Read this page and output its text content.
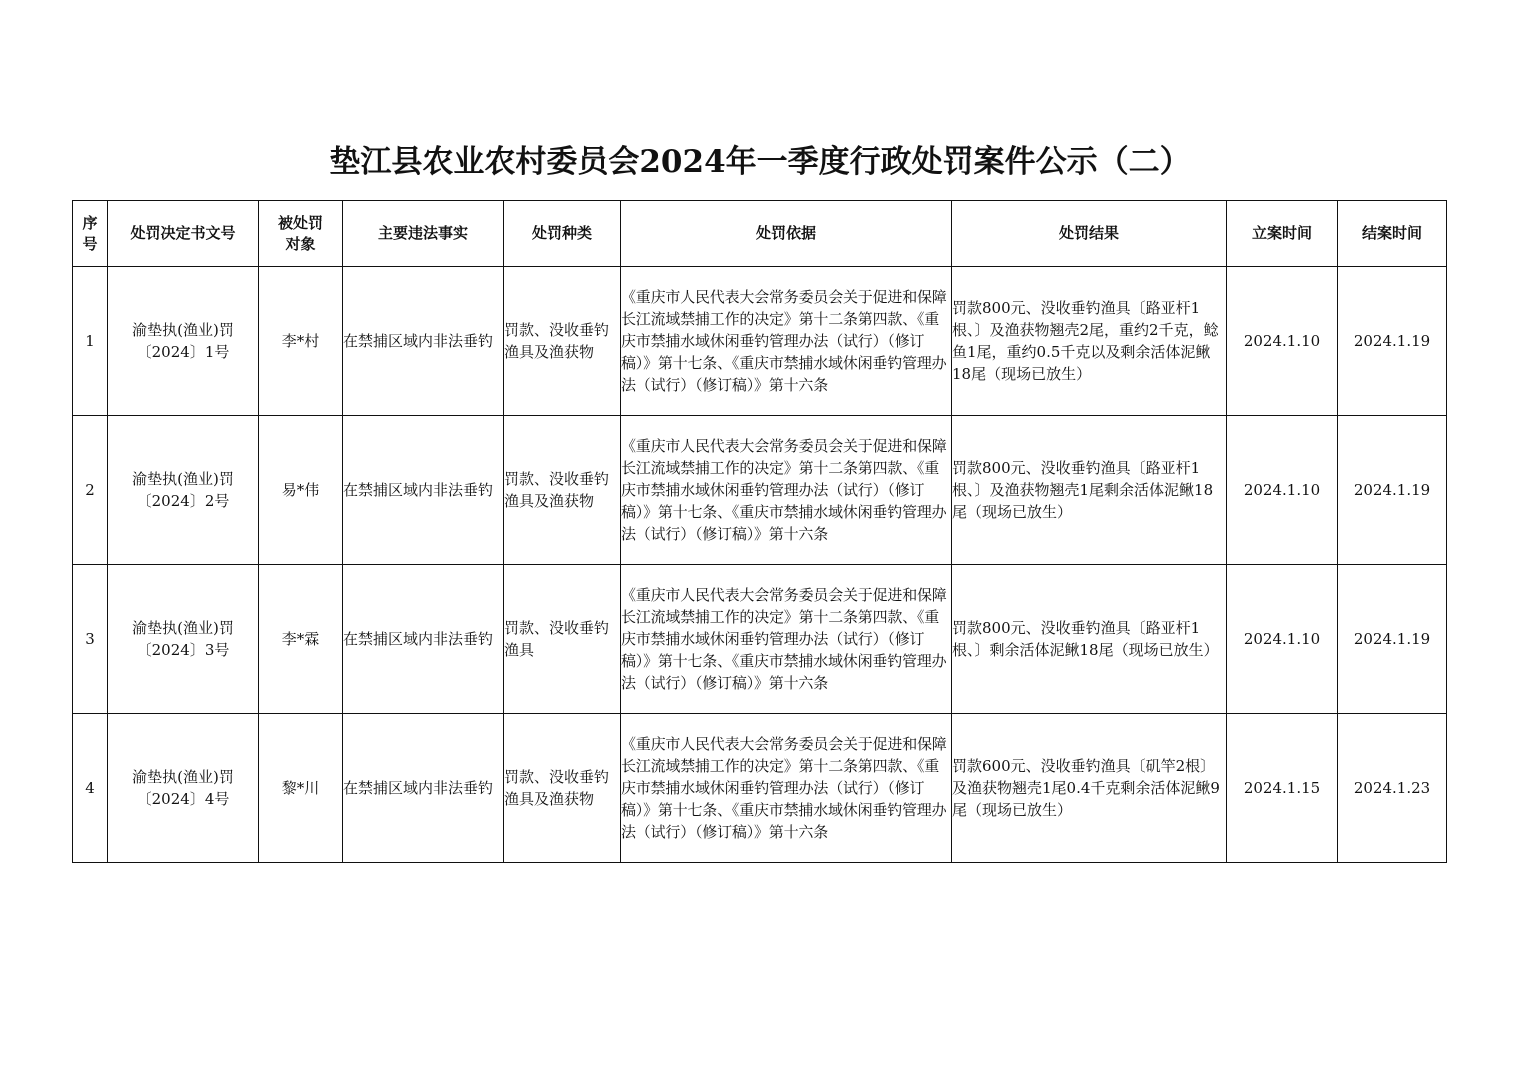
垫江县农业农村委员会2024年一季度行政处罚案件公示（二）
序号	处罚决定书文号	被处罚对象	主要违法事实	处罚种类	处罚依据	处罚结果	立案时间	结案时间
1	渝垫执(渔业)罚〔2024〕1号	李*村	在禁捕区域内非法垂钓	罚款、没收垂钓渔具及渔获物	《重庆市人民代表大会常务委员会关于促进和保障长江流域禁捕工作的决定》第十二条第四款、《重庆市禁捕水域休闲垂钓管理办法（试行）（修订稿）》第十七条、《重庆市禁捕水域休闲垂钓管理办法（试行）（修订稿）》第十六条	罚款800元、没收垂钓渔具〔路亚杆1根、〕及渔获物翘壳2尾，重约2千克，鲶鱼1尾，重约0.5千克以及剩余活体泥鳅18尾（现场已放生）	2024.1.10	2024.1.19
2	渝垫执(渔业)罚〔2024〕2号	易*伟	在禁捕区域内非法垂钓	罚款、没收垂钓渔具及渔获物	《重庆市人民代表大会常务委员会关于促进和保障长江流域禁捕工作的决定》第十二条第四款、《重庆市禁捕水域休闲垂钓管理办法（试行）（修订稿）》第十七条、《重庆市禁捕水域休闲垂钓管理办法（试行）（修订稿）》第十六条	罚款800元、没收垂钓渔具〔路亚杆1根、〕及渔获物翘壳1尾剩余活体泥鳅18尾（现场已放生）	2024.1.10	2024.1.19
3	渝垫执(渔业)罚〔2024〕3号	李*霖	在禁捕区域内非法垂钓	罚款、没收垂钓渔具	《重庆市人民代表大会常务委员会关于促进和保障长江流域禁捕工作的决定》第十二条第四款、《重庆市禁捕水域休闲垂钓管理办法（试行）（修订稿）》第十七条、《重庆市禁捕水域休闲垂钓管理办法（试行）（修订稿）》第十六条	罚款800元、没收垂钓渔具〔路亚杆1根、〕剩余活体泥鳅18尾（现场已放生）	2024.1.10	2024.1.19
4	渝垫执(渔业)罚〔2024〕4号	黎*川	在禁捕区域内非法垂钓	罚款、没收垂钓渔具及渔获物	《重庆市人民代表大会常务委员会关于促进和保障长江流域禁捕工作的决定》第十二条第四款、《重庆市禁捕水域休闲垂钓管理办法（试行）（修订稿）》第十七条、《重庆市禁捕水域休闲垂钓管理办法（试行）（修订稿）》第十六条	罚款600元、没收垂钓渔具〔矶竿2根〕及渔获物翘壳1尾0.4千克剩余活体泥鳅9尾（现场已放生）	2024.1.15	2024.1.23
